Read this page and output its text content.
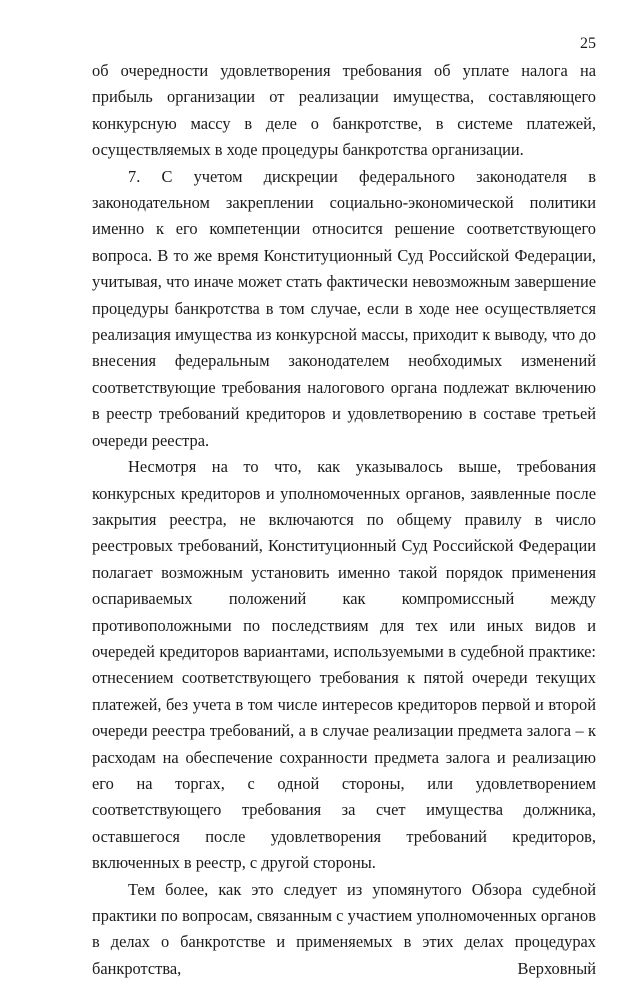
25

об очередности удовлетворения требования об уплате налога на прибыль организации от реализации имущества, составляющего конкурсную массу в деле о банкротстве, в системе платежей, осуществляемых в ходе процедуры банкротства организации.

7. С учетом дискреции федерального законодателя в законодательном закреплении социально-экономической политики именно к его компетенции относится решение соответствующего вопроса. В то же время Конституционный Суд Российской Федерации, учитывая, что иначе может стать фактически невозможным завершение процедуры банкротства в том случае, если в ходе нее осуществляется реализация имущества из конкурсной массы, приходит к выводу, что до внесения федеральным законодателем необходимых изменений соответствующие требования налогового органа подлежат включению в реестр требований кредиторов и удовлетворению в составе третьей очереди реестра.

Несмотря на то что, как указывалось выше, требования конкурсных кредиторов и уполномоченных органов, заявленные после закрытия реестра, не включаются по общему правилу в число реестровых требований, Конституционный Суд Российской Федерации полагает возможным установить именно такой порядок применения оспариваемых положений как компромиссный между противоположными по последствиям для тех или иных видов и очередей кредиторов вариантами, используемыми в судебной практике: отнесением соответствующего требования к пятой очереди текущих платежей, без учета в том числе интересов кредиторов первой и второй очереди реестра требований, а в случае реализации предмета залога – к расходам на обеспечение сохранности предмета залога и реализацию его на торгах, с одной стороны, или удовлетворением соответствующего требования за счет имущества должника, оставшегося после удовлетворения требований кредиторов, включенных в реестр, с другой стороны.

Тем более, как это следует из упомянутого Обзора судебной практики по вопросам, связанным с участием уполномоченных органов в делах о банкротстве и применяемых в этих делах процедурах банкротства, Верховный
